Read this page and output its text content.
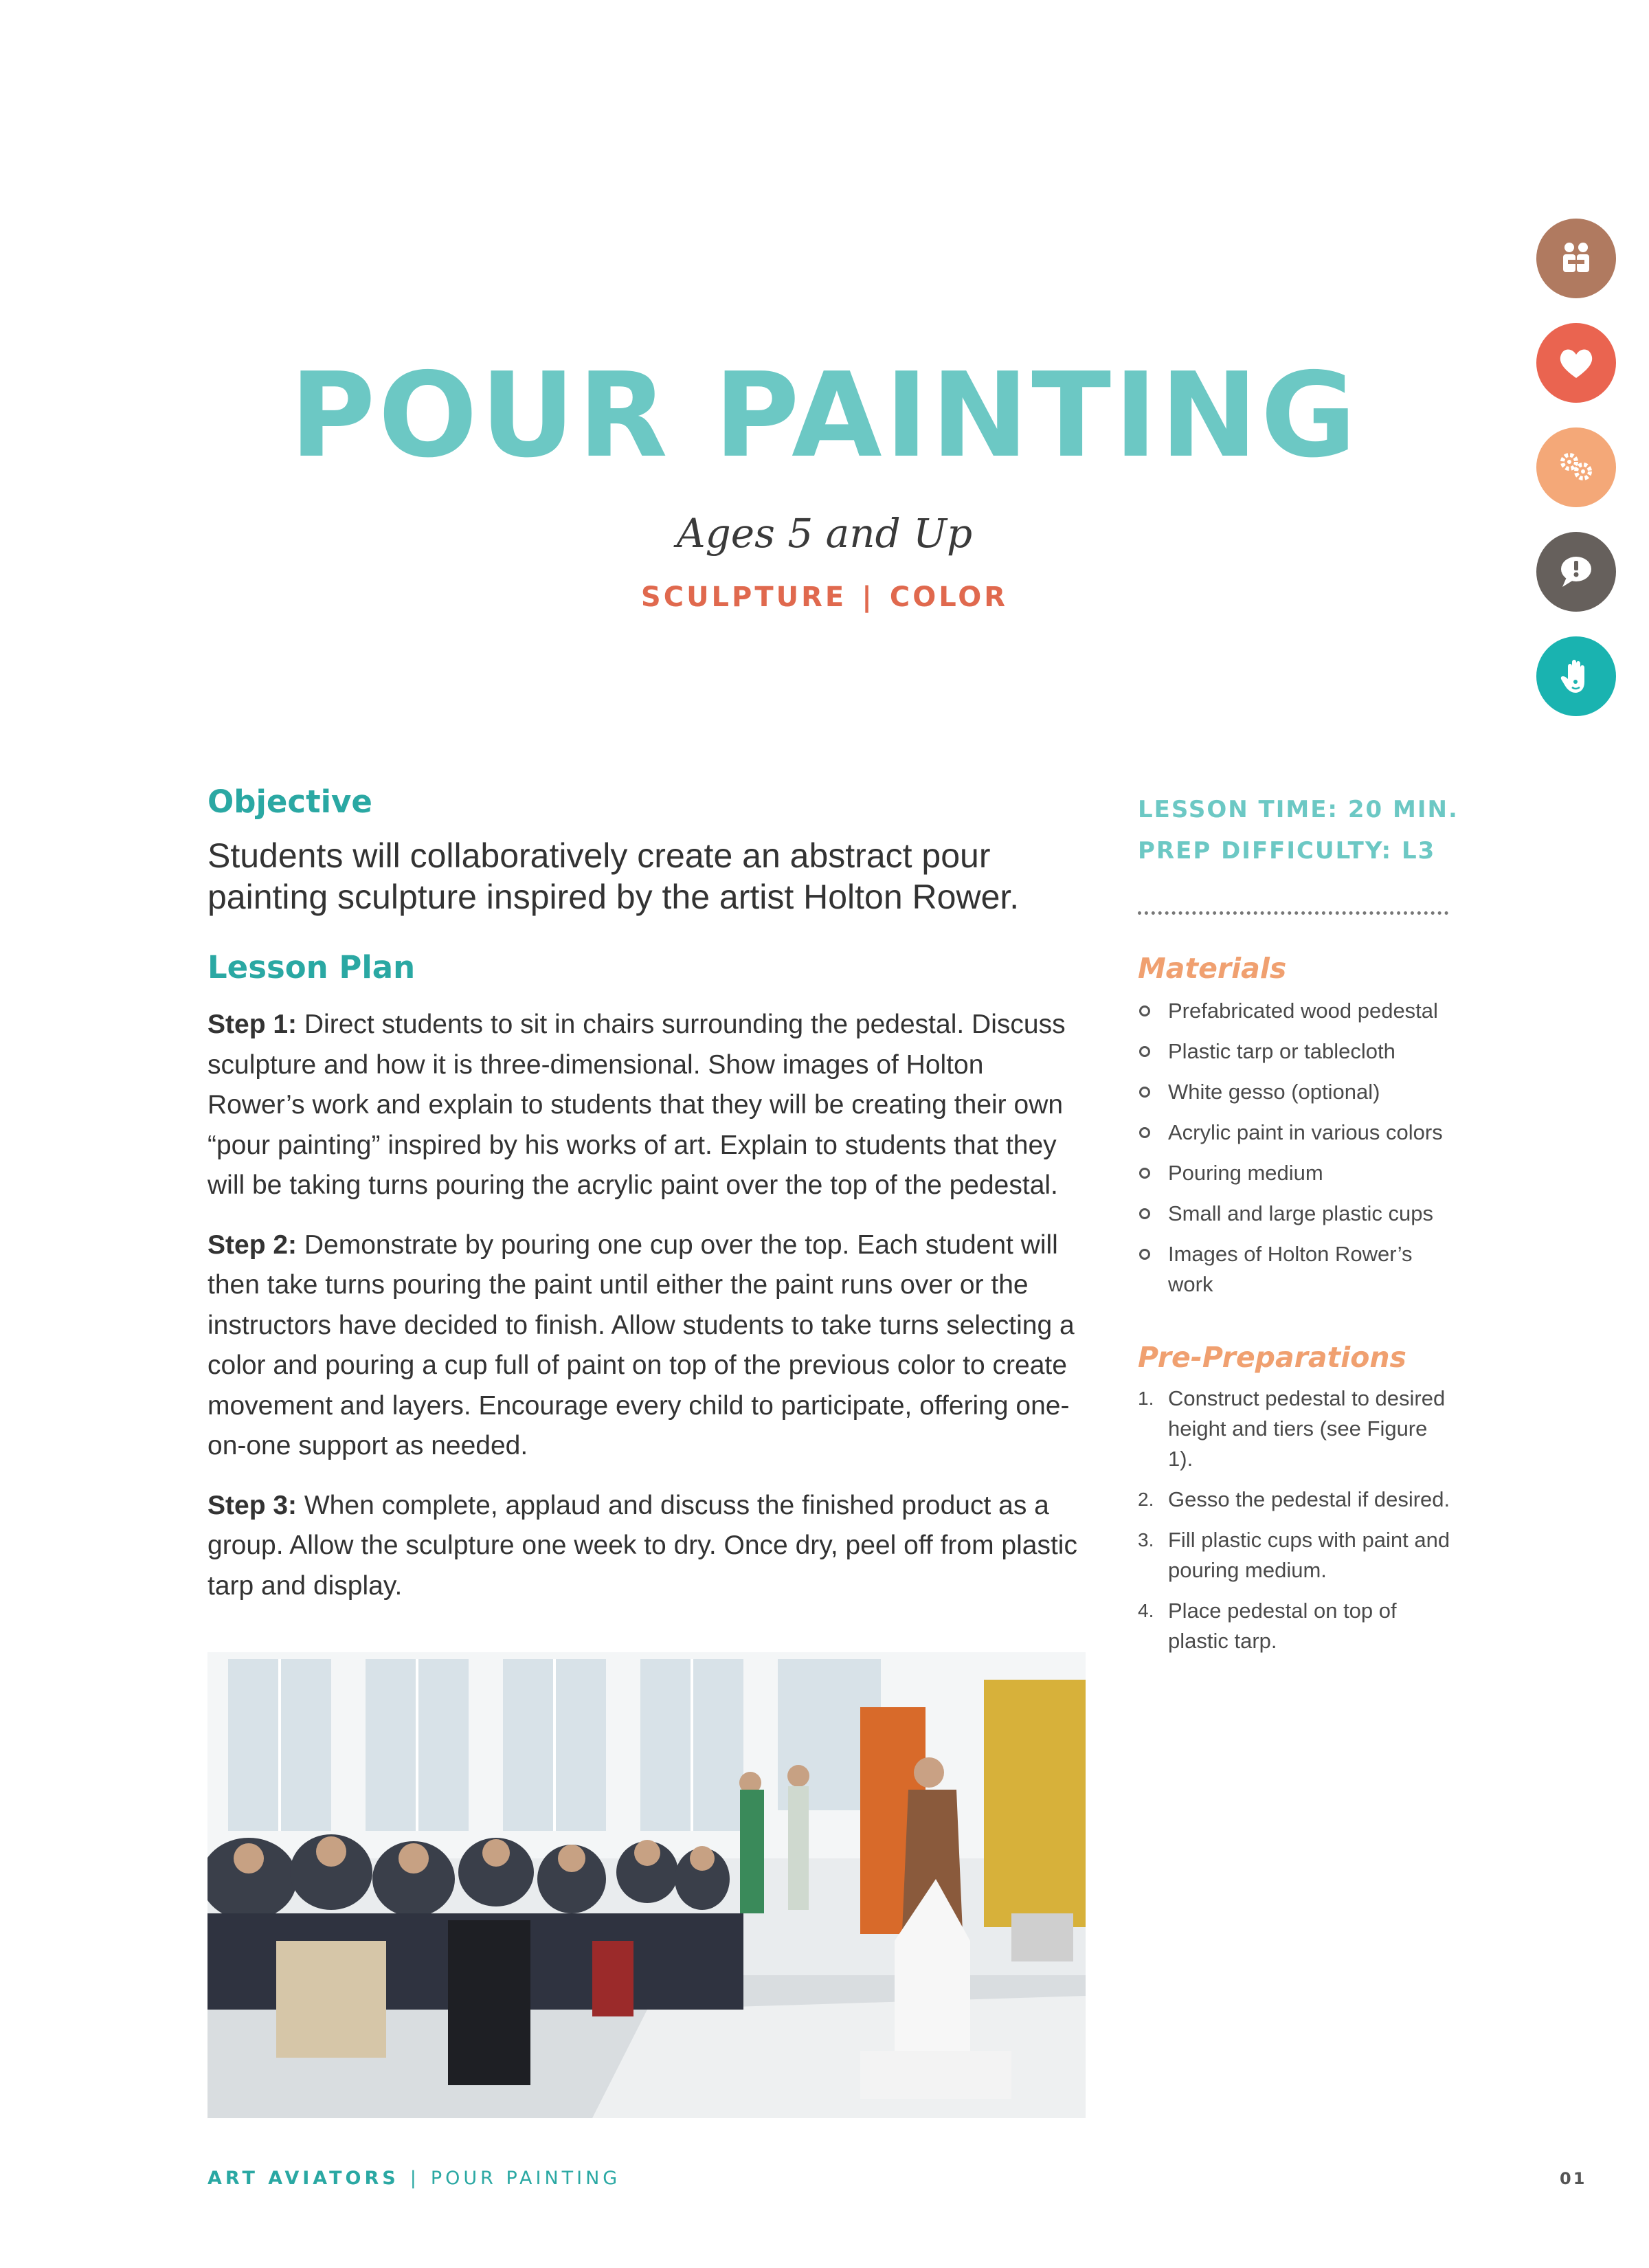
POUR PAINTING
Ages 5 and Up
SCULPTURE | COLOR
Objective
Students will collaboratively create an abstract pour painting sculpture inspired by the artist Holton Rower.
Lesson Plan
Step 1: Direct students to sit in chairs surrounding the pedestal. Discuss sculpture and how it is three-dimensional. Show images of Holton Rower’s work and explain to students that they will be creating their own “pour painting” inspired by his works of art. Explain to students that they will be taking turns pouring the acrylic paint over the top of the pedestal.
Step 2: Demonstrate by pouring one cup over the top. Each student will then take turns pouring the paint until either the paint runs over or the instructors have decided to finish. Allow students to take turns selecting a color and pouring a cup full of paint on top of the previous color to create movement and layers. Encourage every child to participate, offering one-on-one support as needed.
Step 3: When complete, applaud and discuss the finished product as a group. Allow the sculpture one week to dry. Once dry, peel off from plastic tarp and display.
LESSON TIME: 20 MIN.
PREP DIFFICULTY: L3
Materials
Prefabricated wood pedestal
Plastic tarp or tablecloth
White gesso (optional)
Acrylic paint in various colors
Pouring medium
Small and large plastic cups
Images of Holton Rower’s work
Pre-Preparations
1. Construct pedestal to desired height and tiers (see Figure 1).
2. Gesso the pedestal if desired.
3. Fill plastic cups with paint and pouring medium.
4. Place pedestal on top of plastic tarp.
ART AVIATORS | POUR PAINTING	01
